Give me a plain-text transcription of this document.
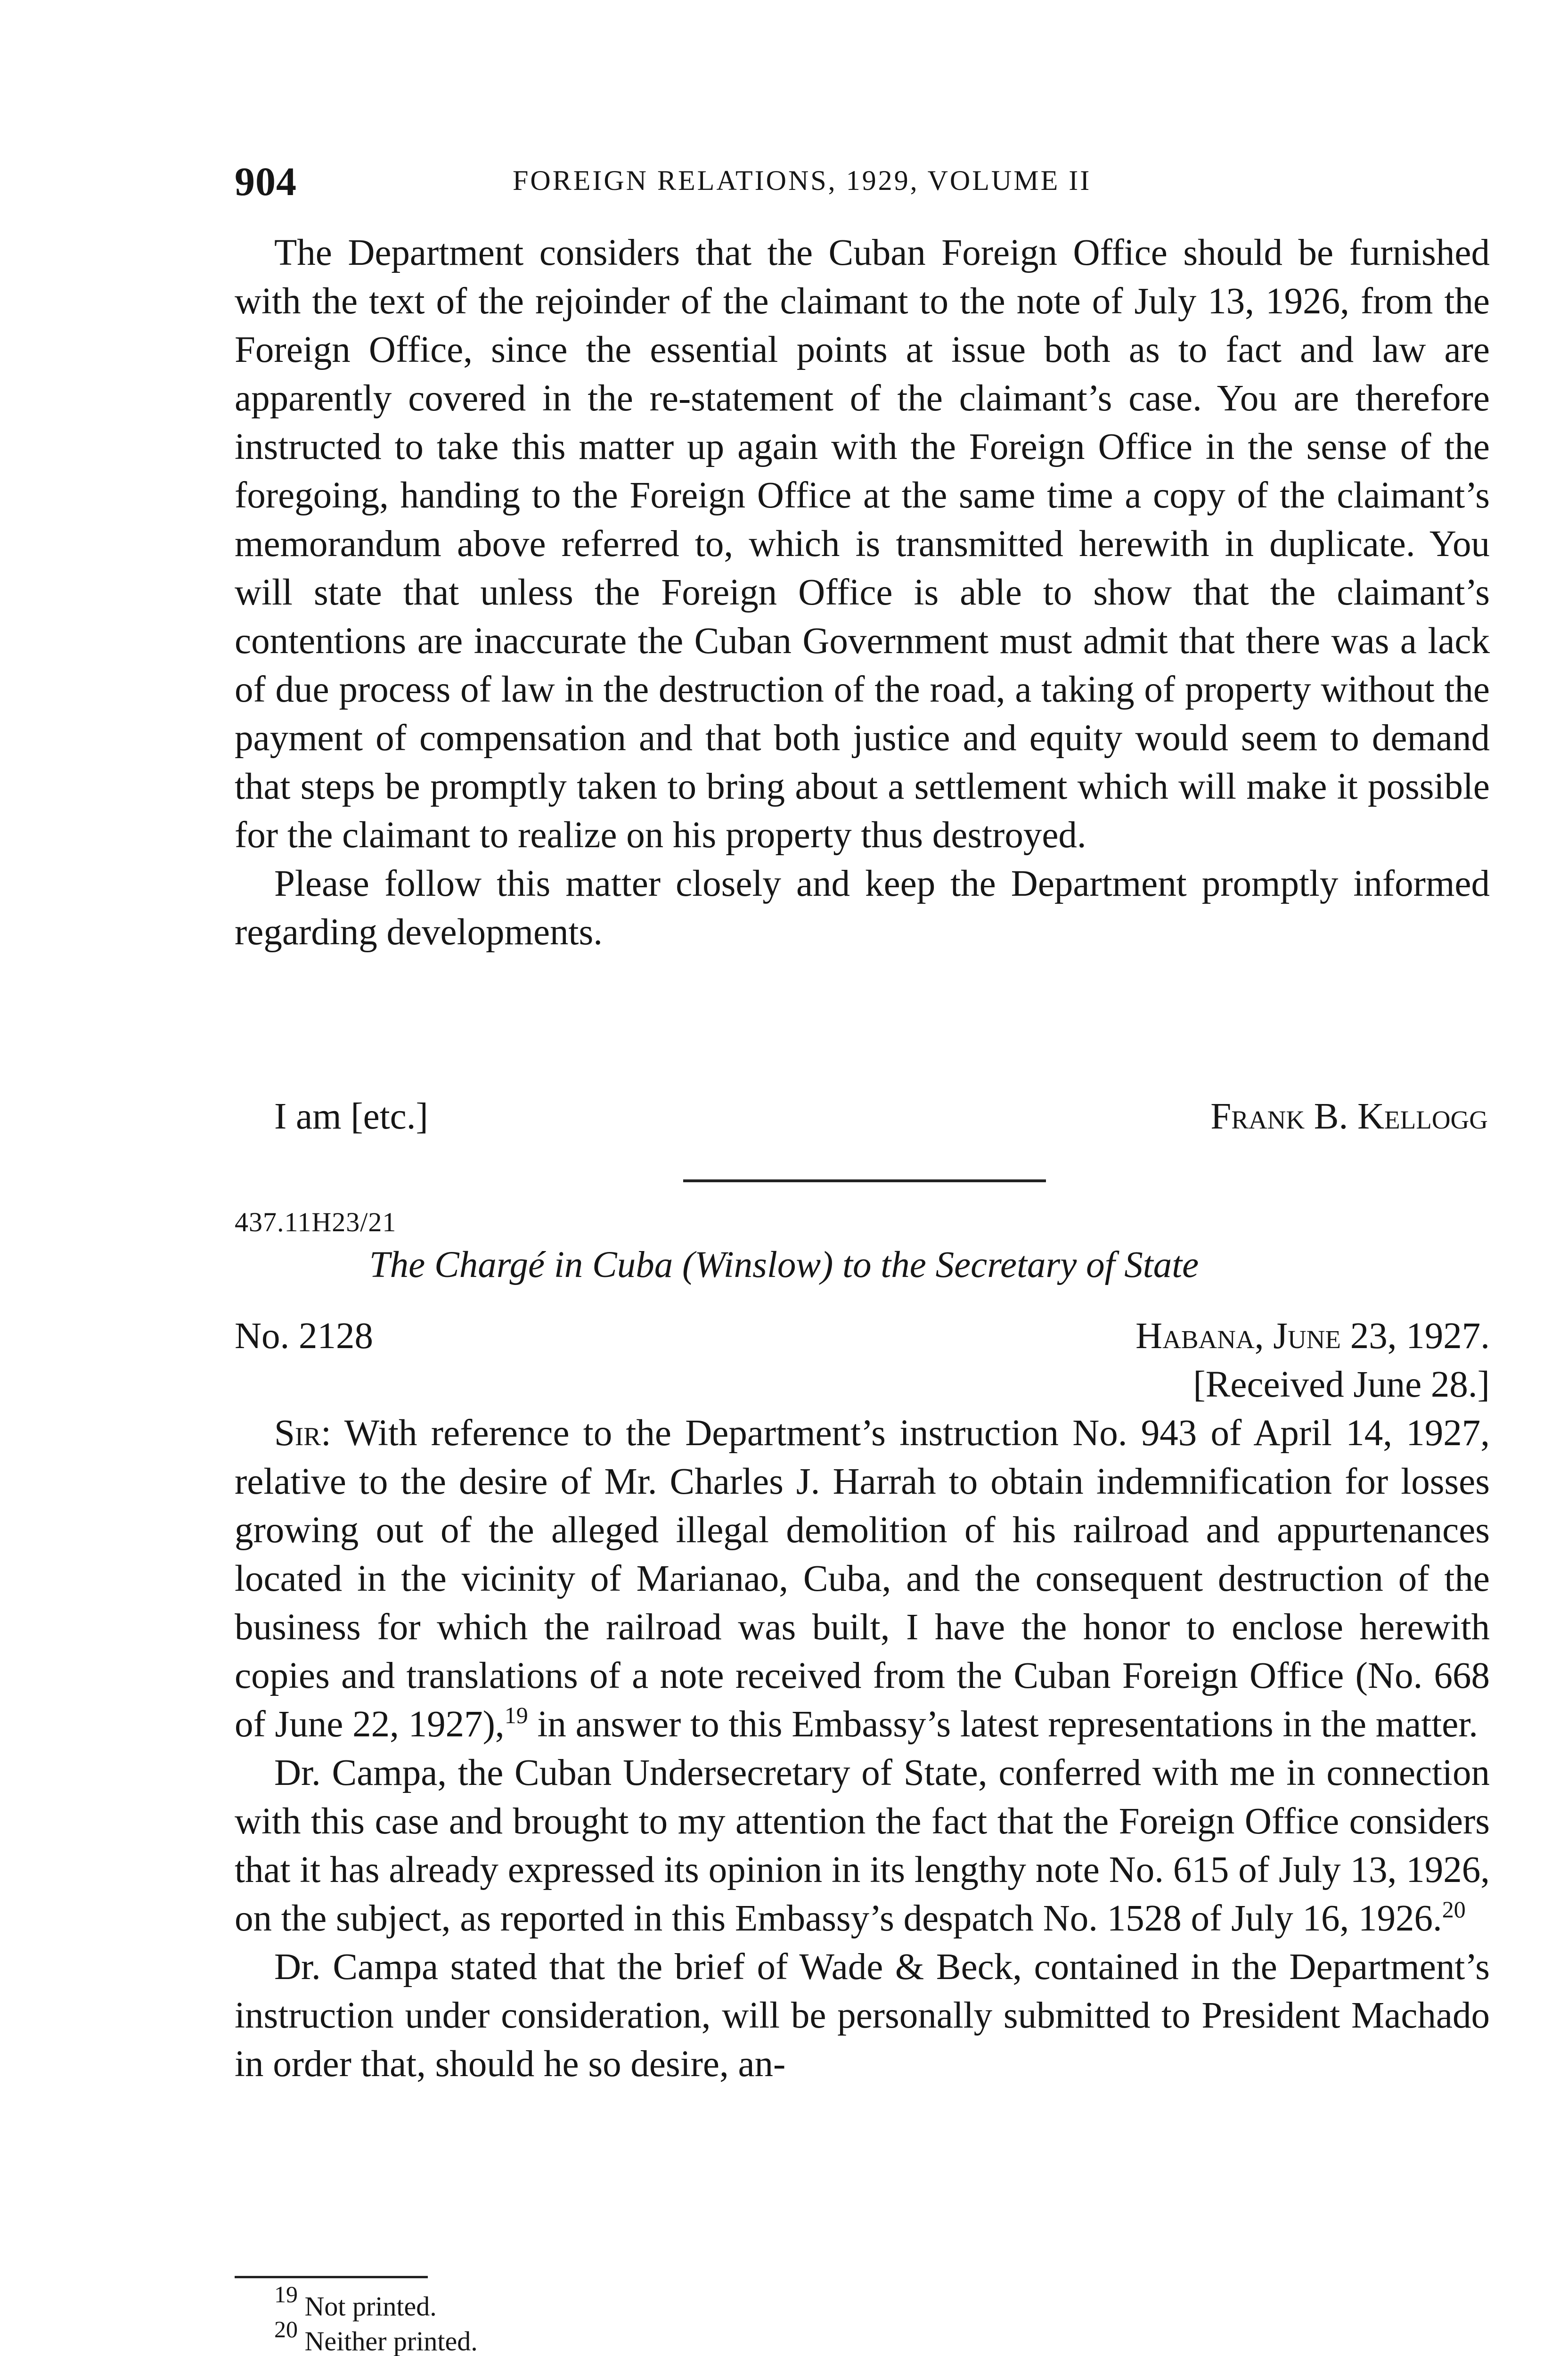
904	FOREIGN RELATIONS, 1929, VOLUME II

The Department considers that the Cuban Foreign Office should be furnished with the text of the rejoinder of the claimant to the note of July 13, 1926, from the Foreign Office, since the essential points at issue both as to fact and law are apparently covered in the re-statement of the claimant’s case. You are therefore instructed to take this matter up again with the Foreign Office in the sense of the foregoing, handing to the Foreign Office at the same time a copy of the claimant’s memorandum above referred to, which is transmitted herewith in duplicate. You will state that unless the Foreign Office is able to show that the claimant’s contentions are inaccurate the Cuban Government must admit that there was a lack of due process of law in the destruction of the road, a taking of property without the payment of compensation and that both justice and equity would seem to demand that steps be promptly taken to bring about a settlement which will make it possible for the claimant to realize on his property thus destroyed.

Please follow this matter closely and keep the Department promptly informed regarding developments.

I am [etc.]	Frank B. Kellogg
437.11H23/21
The Chargé in Cuba (Winslow) to the Secretary of State
No. 2128	Habana, June 23, 1927.
[Received June 28.]

Sir: With reference to the Department’s instruction No. 943 of April 14, 1927, relative to the desire of Mr. Charles J. Harrah to obtain indemnification for losses growing out of the alleged illegal demolition of his railroad and appurtenances located in the vicinity of Marianao, Cuba, and the consequent destruction of the business for which the railroad was built, I have the honor to enclose herewith copies and translations of a note received from the Cuban Foreign Office (No. 668 of June 22, 1927),$^{19}$ in answer to this Embassy’s latest representations in the matter.

Dr. Campa, the Cuban Undersecretary of State, conferred with me in connection with this case and brought to my attention the fact that the Foreign Office considers that it has already expressed its opinion in its lengthy note No. 615 of July 13, 1926, on the subject, as reported in this Embassy’s despatch No. 1528 of July 16, 1926.20

Dr. Campa stated that the brief of Wade & Beck, contained in the Department’s instruction under consideration, will be personally submitted to President Machado in order that, should he so desire, an-

$^{19}$ Not printed.
$^{20}$ Neither printed.
